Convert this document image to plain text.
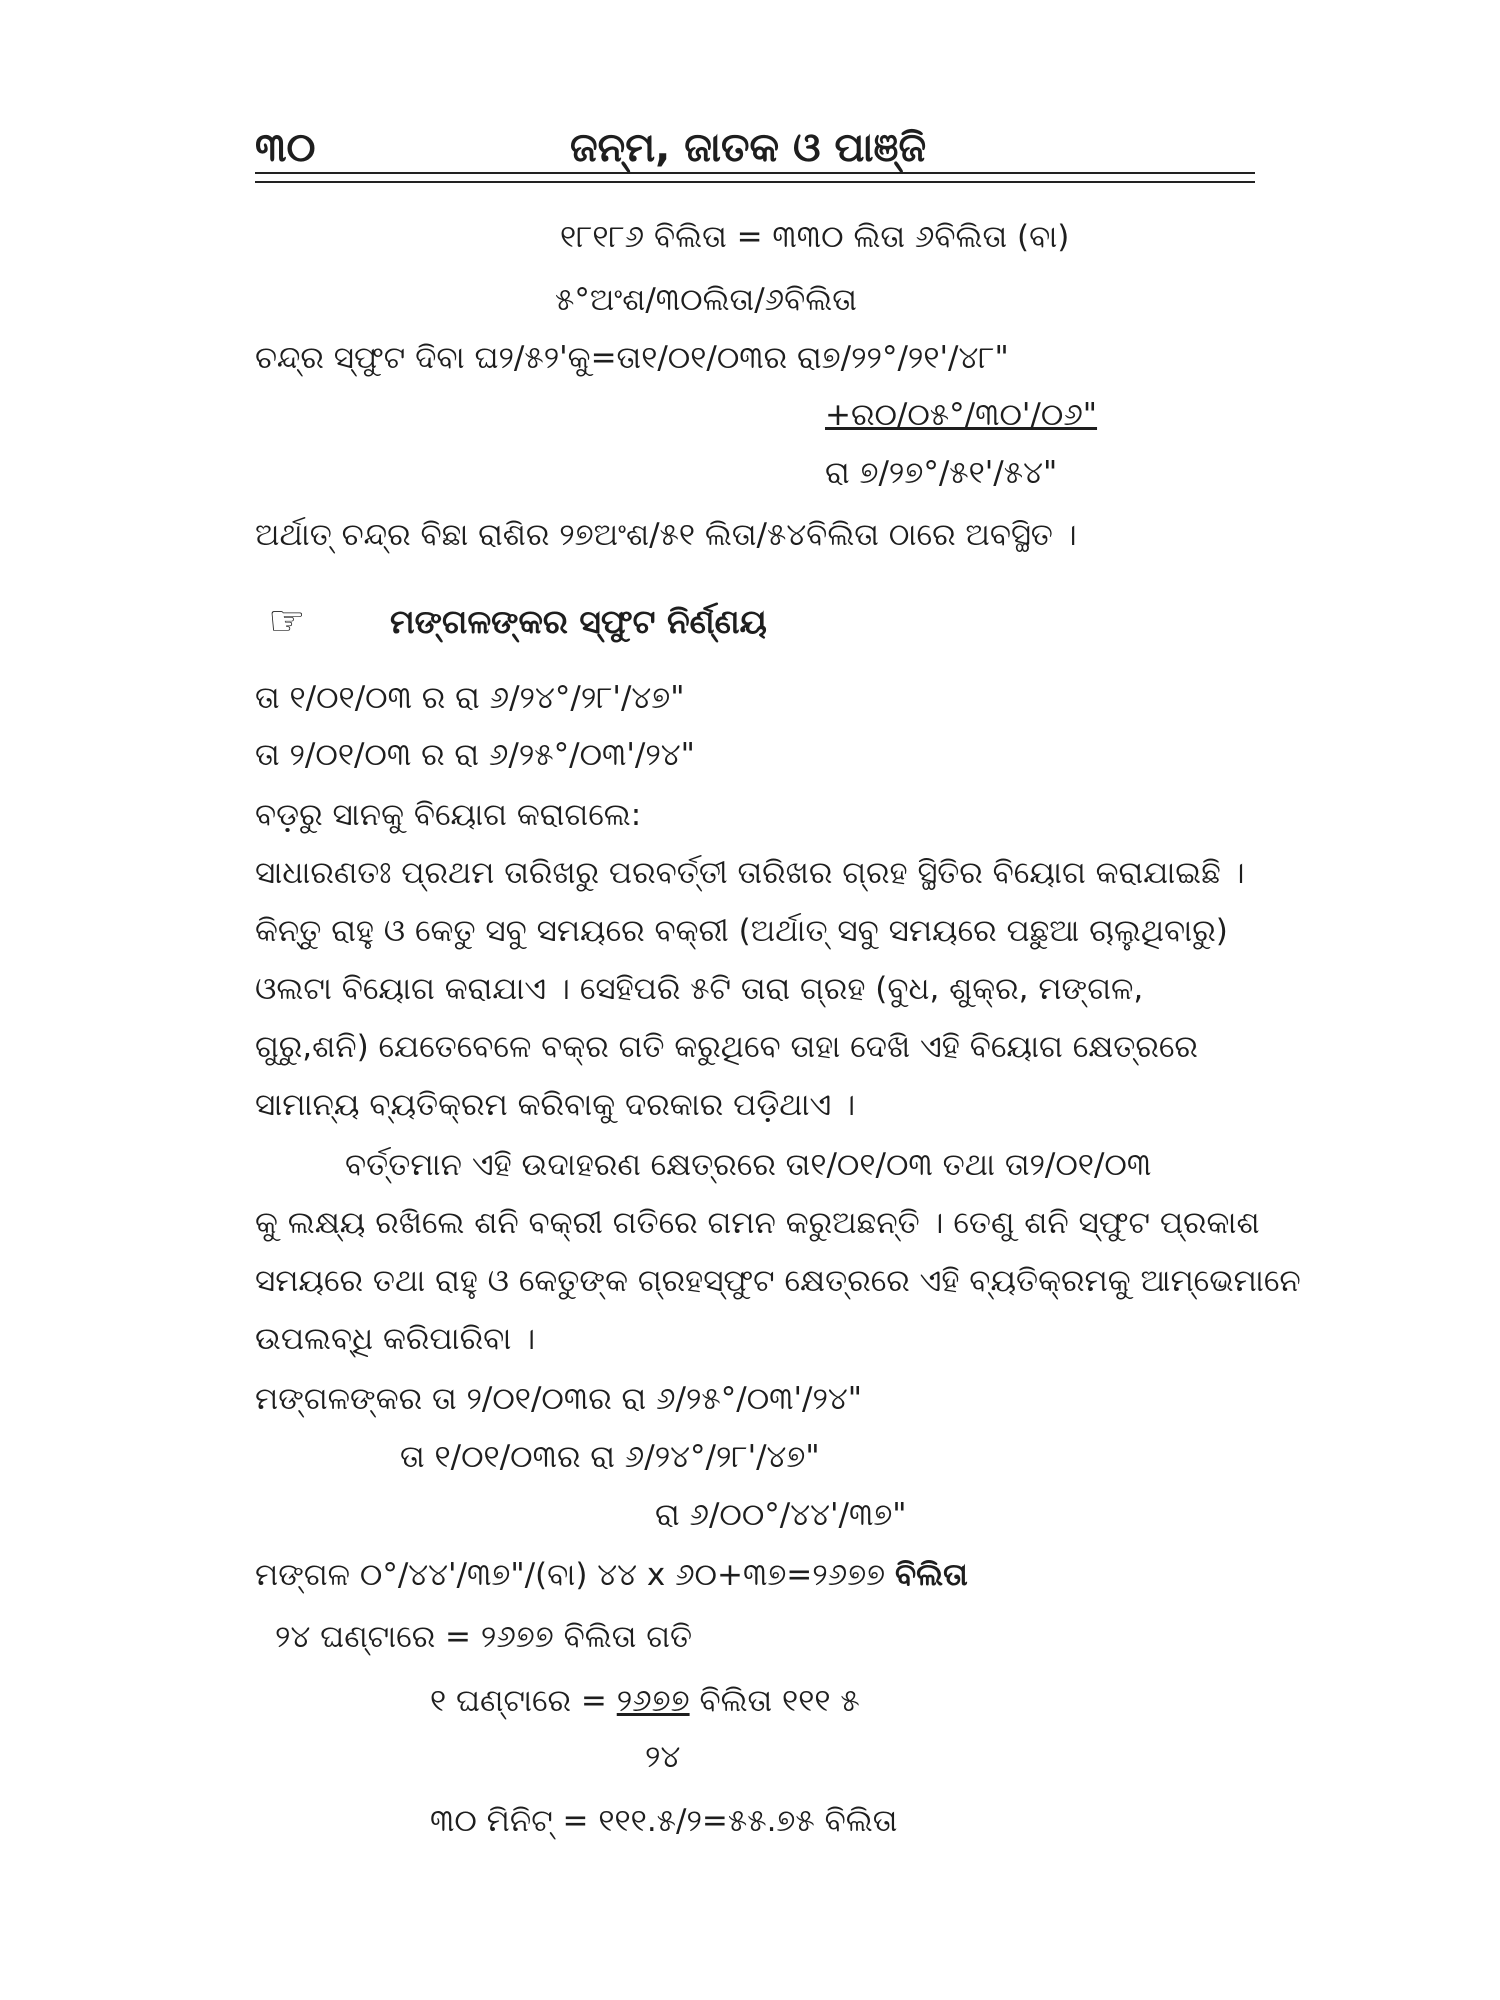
୩୦	ଜନ୍ମ, ଜାତକ ଓ ପାଞ୍ଜି
୧୮୧୮୬ ବିଲିତା = ୩୩୦ ଲିତା ୬ବିଲିତା (ବା)
୫°ଅଂଶ/୩୦ଲିତା/୬ବିଲିତା
ଚନ୍ଦ୍ର ସ୍ଫୁଟ ଦିବା ଘ୨/୫୨'କୁ=ତା୧/୦୧/୦୩ର ରା୭/୨୨°/୨୧'/୪୮"
+ର୦/୦୫°/୩୦'/୦୬"
ରା ୭/୨୭°/୫୧'/୫୪"
ଅର୍ଥାତ୍ ଚନ୍ଦ୍ର ବିଛା ରାଶିର ୨୭ଅଂଶ/୫୧ ଲିତା/୫୪ବିଲିତା ଠାରେ ଅବସ୍ଥିତ ।
☞	ମଙ୍ଗଳଙ୍କର ସ୍ଫୁଟ ନିର୍ଣ୍ଣୟ
ତା ୧/୦୧/୦୩ ର ରା ୬/୨୪°/୨୮'/୪୭"
ତା ୨/୦୧/୦୩ ର ରା ୬/୨୫°/୦୩'/୨୪"
ବଡ଼ରୁ ସାନକୁ ବିୟୋଗ କରାଗଲେ:
ସାଧାରଣତଃ ପ୍ରଥମ ତାରିଖରୁ ପରବର୍ତ୍ତୀ ତାରିଖର ଗ୍ରହ ସ୍ଥିତିର ବିୟୋଗ କରାଯାଇଛି ।
କିନ୍ତୁ ରାହୁ ଓ କେତୁ ସବୁ ସମୟରେ ବକ୍ରୀ (ଅର୍ଥାତ୍ ସବୁ ସମୟରେ ପଛୁଆ ଚାଲୁଥିବାରୁ)
ଓଲଟା ବିୟୋଗ କରାଯାଏ । ସେହିପରି ୫ଟି ତାରା ଗ୍ରହ (ବୁଧ, ଶୁକ୍ର, ମଙ୍ଗଳ,
ଗୁରୁ,ଶନି) ଯେତେବେଳେ ବକ୍ର ଗତି କରୁଥିବେ ତାହା ଦେଖି ଏହି ବିୟୋଗ କ୍ଷେତ୍ରରେ
ସାମାନ୍ୟ ବ୍ୟତିକ୍ରମ କରିବାକୁ ଦରକାର ପଡ଼ିଥାଏ ।
ବର୍ତ୍ତମାନ ଏହି ଉଦାହରଣ କ୍ଷେତ୍ରରେ ତା୧/୦୧/୦୩ ତଥା ତା୨/୦୧/୦୩
କୁ ଲକ୍ଷ୍ୟ ରଖିଲେ ଶନି ବକ୍ରୀ ଗତିରେ ଗମନ କରୁଅଛନ୍ତି । ତେଣୁ ଶନି ସ୍ଫୁଟ ପ୍ରକାଶ
ସମୟରେ ତଥା ରାହୁ ଓ କେତୁଙ୍କ ଗ୍ରହସ୍ଫୁଟ କ୍ଷେତ୍ରରେ ଏହି ବ୍ୟତିକ୍ରମକୁ ଆମ୍ଭେମାନେ
ଉପଲବ୍ଧି କରିପାରିବା ।
ମଙ୍ଗଳଙ୍କର ତା ୨/୦୧/୦୩ର ରା ୬/୨୫°/୦୩'/୨୪"
ତା ୧/୦୧/୦୩ର ରା ୬/୨୪°/୨୮'/୪୭"
ରା ୬/୦୦°/୪୪'/୩୭"
ମଙ୍ଗଳ ୦°/୪୪'/୩୭"/(ବା) ୪୪ x ୬୦+୩୭=୨୬୭୭ ବିଲିତା
୨୪ ଘଣ୍ଟାରେ = ୨୬୭୭ ବିଲିତା ଗତି
୧ ଘଣ୍ଟାରେ = ୨୬୭୭ ବିଲିତା ୧୧୧ ୫
୨୪
୩୦ ମିନିଟ୍ = ୧୧୧.୫/୨=୫୫.୭୫ ବିଲିତା
